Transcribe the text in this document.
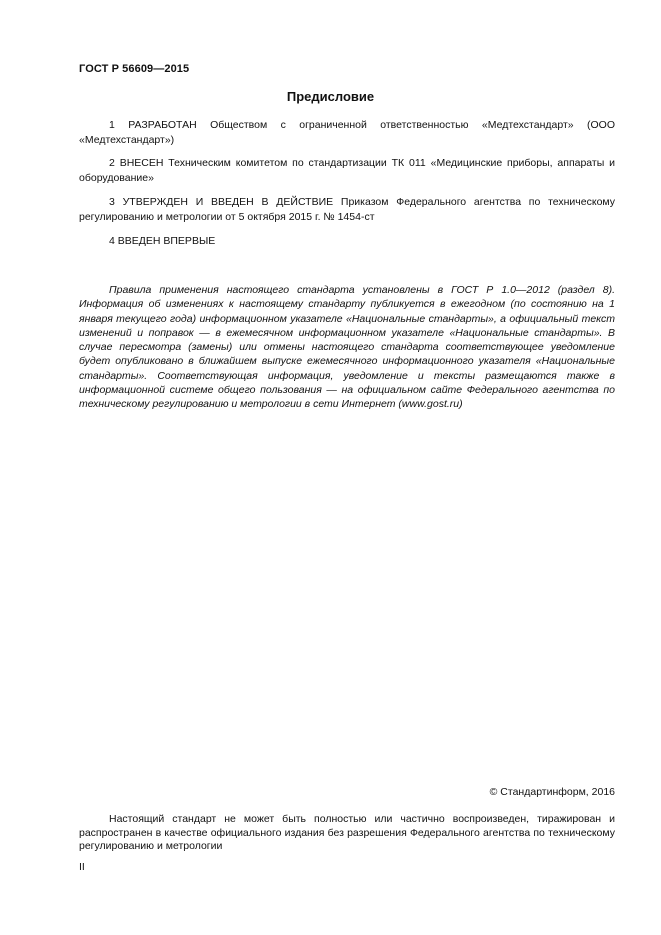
ГОСТ Р 56609—2015
Предисловие

1 РАЗРАБОТАН Обществом с ограниченной ответственностью «Медтехстандарт» (ООО «Медтехстандарт»)

2 ВНЕСЕН Техническим комитетом по стандартизации ТК 011 «Медицинские приборы, аппараты и оборудование»

3 УТВЕРЖДЕН И ВВЕДЕН В ДЕЙСТВИЕ Приказом Федерального агентства по техническому регулированию и метрологии от 5 октября 2015 г. № 1454-ст

4 ВВЕДЕН ВПЕРВЫЕ

Правила применения настоящего стандарта установлены в ГОСТ Р 1.0—2012 (раздел 8). Информация об изменениях к настоящему стандарту публикуется в ежегодном (по состоянию на 1 января текущего года) информационном указателе «Национальные стандарты», а официальный текст изменений и поправок — в ежемесячном информационном указателе «Национальные стандарты». В случае пересмотра (замены) или отмены настоящего стандарта соответствующее уведомление будет опубликовано в ближайшем выпуске ежемесячного информационного указателя «Национальные стандарты». Соответствующая информация, уведомление и тексты размещаются также в информационной системе общего пользования — на официальном сайте Федерального агентства по техническому регулированию и метрологии в сети Интернет (www.gost.ru)

© Стандартинформ, 2016

Настоящий стандарт не может быть полностью или частично воспроизведен, тиражирован и распространен в качестве официального издания без разрешения Федерального агентства по техническому регулированию и метрологии

II
